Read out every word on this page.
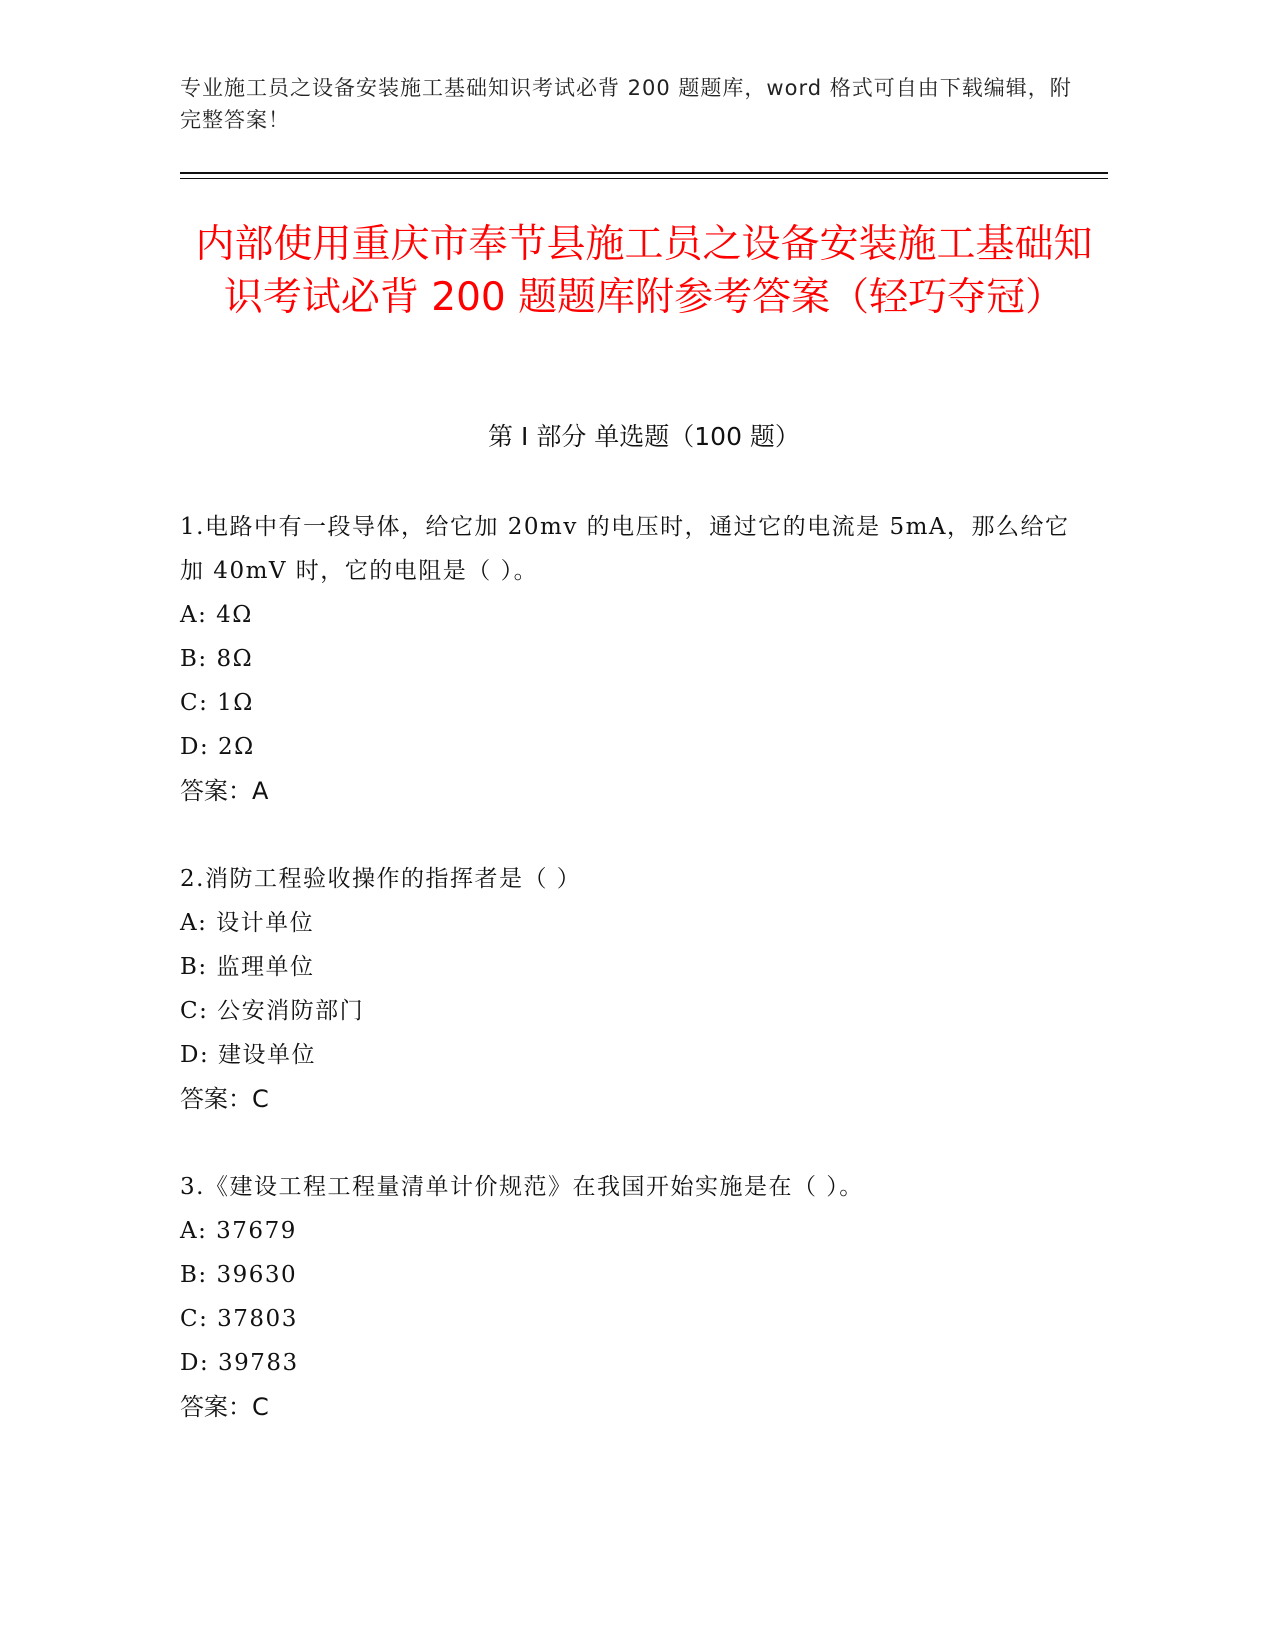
专业施工员之设备安装施工基础知识考试必背 200 题题库，word 格式可自由下载编辑，附完整答案！
内部使用重庆市奉节县施工员之设备安装施工基础知识考试必背 200 题题库附参考答案（轻巧夺冠）
第 I 部分 单选题（100 题）
1.电路中有一段导体，给它加 20mv 的电压时，通过它的电流是 5mA，那么给它加 40mV 时，它的电阻是（ ）。
A: 4Ω
B: 8Ω
C: 1Ω
D: 2Ω
答案：A
2.消防工程验收操作的指挥者是（ ）
A: 设计单位
B: 监理单位
C: 公安消防部门
D: 建设单位
答案：C
3.《建设工程工程量清单计价规范》在我国开始实施是在（ ）。
A: 37679
B: 39630
C: 37803
D: 39783
答案：C
